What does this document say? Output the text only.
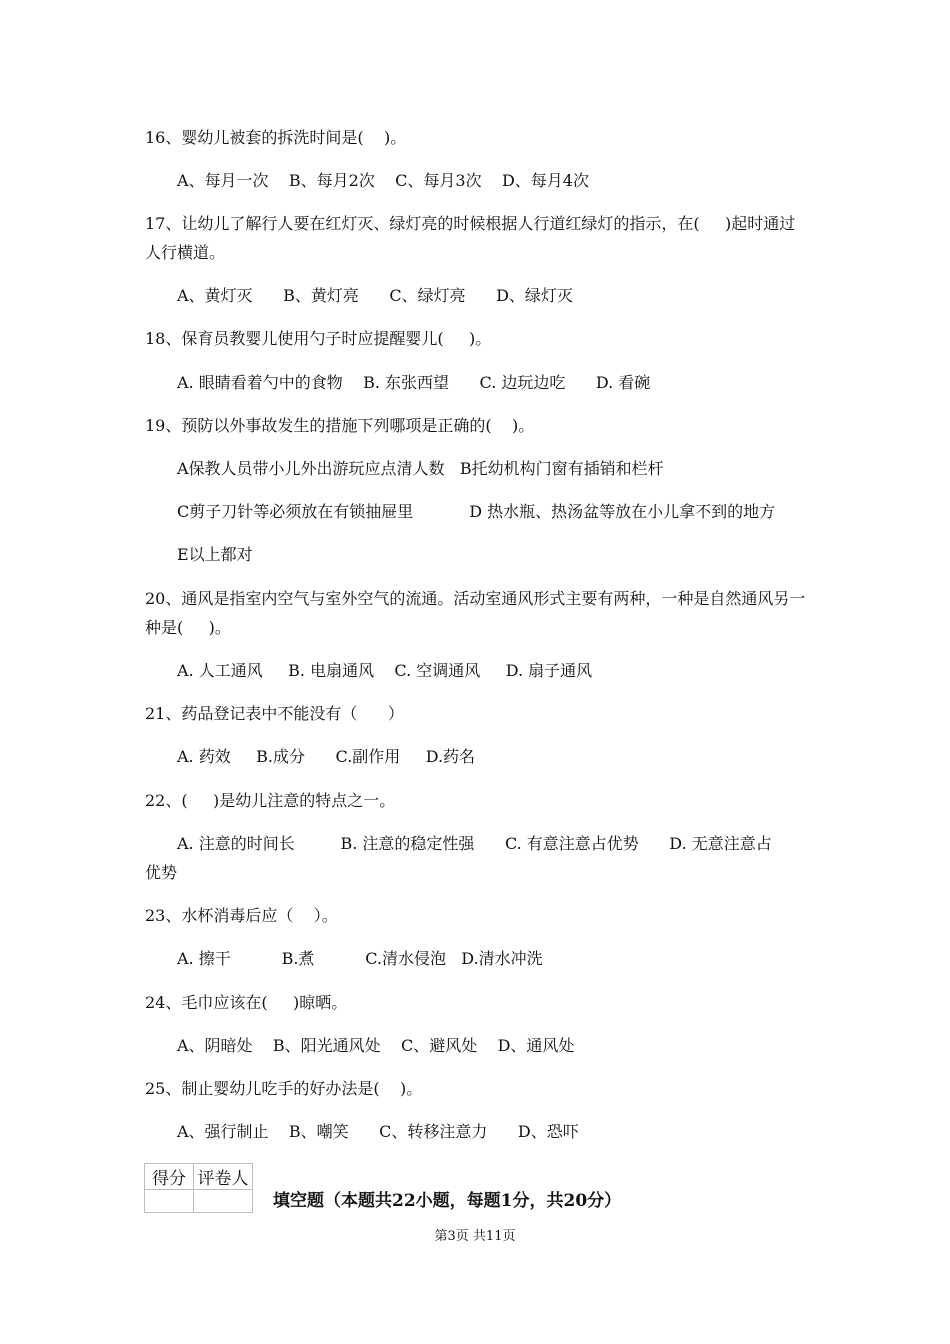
16、婴幼儿被套的拆洗时间是(    )。
A、每月一次    B、每月2次    C、每月3次    D、每月4次
17、让幼儿了解行人要在红灯灭、绿灯亮的时候根据人行道红绿灯的指示，在(     )起时通过人行横道。
A、黄灯灭      B、黄灯亮      C、绿灯亮      D、绿灯灭
18、保育员教婴儿使用勺子时应提醒婴儿(     )。
A. 眼睛看着勺中的食物    B. 东张西望      C. 边玩边吃      D. 看碗
19、预防以外事故发生的措施下列哪项是正确的(    )。
A保教人员带小儿外出游玩应点清人数   B托幼机构门窗有插销和栏杆
C剪子刀针等必须放在有锁抽屉里           D 热水瓶、热汤盆等放在小儿拿不到的地方
E以上都对
20、通风是指室内空气与室外空气的流通。活动室通风形式主要有两种，一种是自然通风另一种是(     )。
A. 人工通风     B. 电扇通风    C. 空调通风     D. 扇子通风
21、药品登记表中不能没有（      ）
A. 药效     B.成分      C.副作用     D.药名
22、(     )是幼儿注意的特点之一。
A. 注意的时间长         B. 注意的稳定性强      C. 有意注意占优势      D. 无意注意占优势
23、水杯消毒后应（    ）。
A. 擦干          B.煮          C.清水侵泡   D.清水冲洗
24、毛巾应该在(     )晾晒。
A、阴暗处    B、阳光通风处    C、避风处    D、通风处
25、制止婴幼儿吃手的好办法是(    )。
A、强行制止    B、嘲笑      C、转移注意力      D、恐吓
得分	评卷人

填空题（本题共22小题，每题1分，共20分）
第3页 共11页
